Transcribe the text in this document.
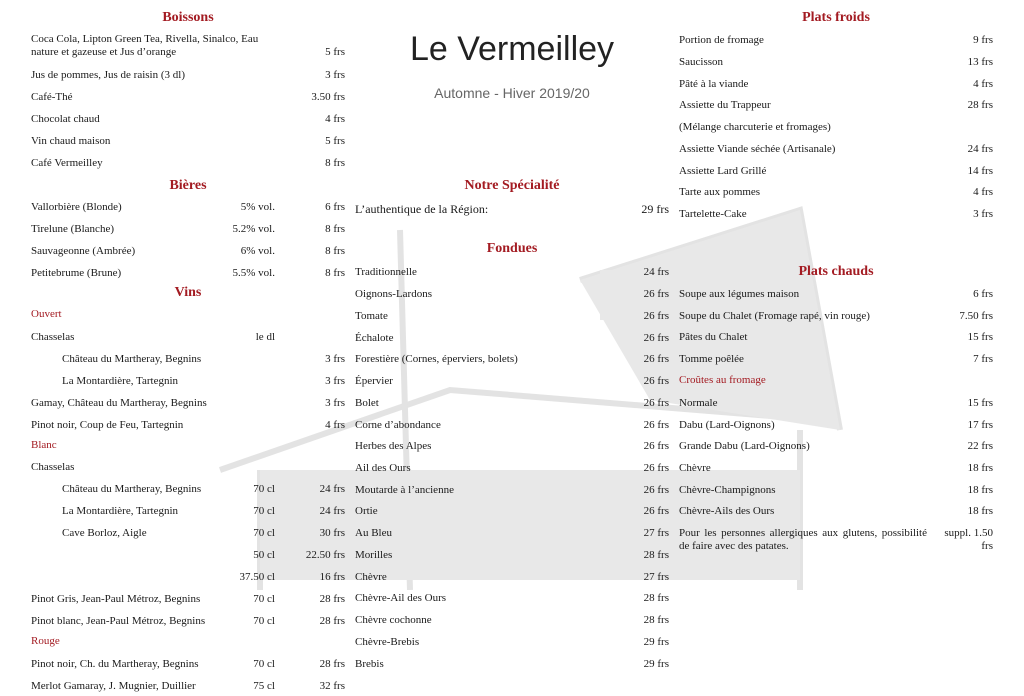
Boissons
Coca Cola, Lipton Green Tea, Rivella, Sinalco, Eau nature et gazeuse et Jus d’orange	5 frs
Jus de pommes, Jus de raisin (3 dl)	3 frs
Café-Thé	3.50 frs
Chocolat chaud	4 frs
Vin chaud maison	5 frs
Café Vermeilley	8 frs
Bières
Vallorbière (Blonde)	5% vol.	6 frs
Tirelune (Blanche)	5.2% vol.	8 frs
Sauvageonne (Ambrée)	6% vol.	8 frs
Petitebrume (Brune)	5.5% vol.	8 frs
Vins
Ouvert
Chasselas	le dl
Château du Martheray, Begnins	3 frs
La Montardière, Tartegnin	3 frs
Gamay, Château du Martheray, Begnins	3 frs
Pinot noir, Coup de Feu, Tartegnin	4 frs
Blanc
Chasselas
Château du Martheray, Begnins	70 cl	24 frs
La Montardière, Tartegnin	70 cl	24 frs
Cave Borloz, Aigle	70 cl	30 frs
50 cl	22.50 frs
37.50 cl	16 frs
Pinot Gris, Jean-Paul Métroz, Begnins	70 cl	28 frs
Pinot blanc, Jean-Paul Métroz, Begnins	70 cl	28 frs
Rouge
Pinot noir, Ch. du Martheray, Begnins	70 cl	28 frs
Merlot Gamaray, J. Mugnier, Duillier	75 cl	32 frs
Le Vermeilley
Automne - Hiver 2019/20
Notre Spécialité
L’authentique de la Région:	29 frs
Fondues
Traditionnelle	24 frs
Oignons-Lardons	26 frs
Tomate	26 frs
Échalote	26 frs
Forestière (Cornes, éperviers, bolets)	26 frs
Épervier	26 frs
Bolet	26 frs
Corne d’abondance	26 frs
Herbes des Alpes	26 frs
Ail des Ours	26 frs
Moutarde à l’ancienne	26 frs
Ortie	26 frs
Au Bleu	27 frs
Morilles	28 frs
Chèvre	27 frs
Chèvre-Ail des Ours	28 frs
Chèvre cochonne	28 frs
Chèvre-Brebis	29 frs
Brebis	29 frs
Plats froids
Portion de fromage	9 frs
Saucisson	13 frs
Pâté à la viande	4 frs
Assiette du Trappeur	28 frs
(Mélange charcuterie et fromages)
Assiette Viande séchée (Artisanale)	24 frs
Assiette Lard Grillé	14 frs
Tarte aux pommes	4 frs
Tartelette-Cake	3 frs
Plats chauds
Soupe aux légumes maison	6 frs
Soupe du Chalet (Fromage rapé, vin rouge)	7.50 frs
Pâtes du Chalet	15 frs
Tomme poêlée	7 frs
Croûtes au fromage
Normale	15 frs
Dabu (Lard-Oignons)	17 frs
Grande Dabu (Lard-Oignons)	22 frs
Chèvre	18 frs
Chèvre-Champignons	18 frs
Chèvre-Ails des Ours	18 frs
Pour les personnes allergiques aux glutens, possibilité de faire avec des patates.
suppl. 1.50 frs
